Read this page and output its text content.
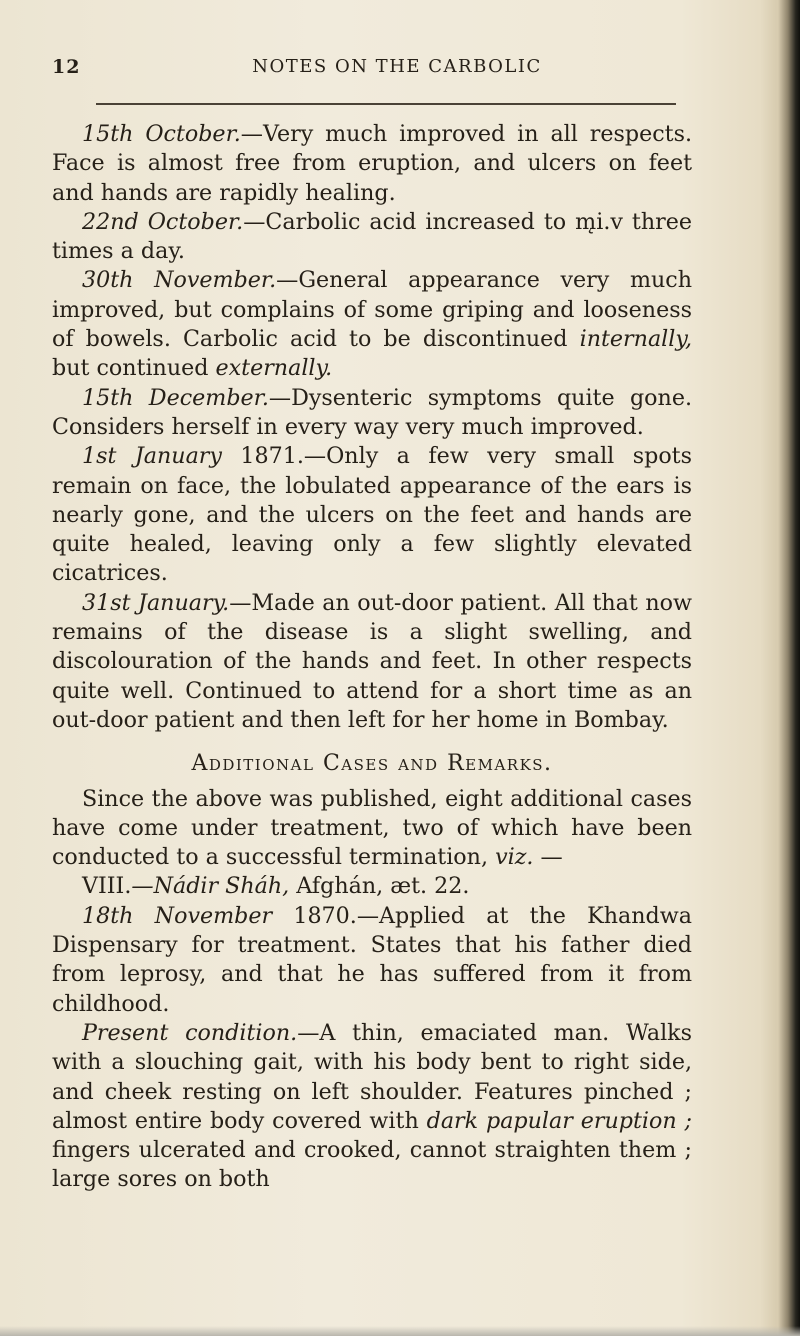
12	NOTES ON THE CARBOLIC

15th October.—Very much improved in all respects. Face is almost free from eruption, and ulcers on feet and hands are rapidly healing.

22nd October.—Carbolic acid increased to m̨i.v three times a day.

30th November.—General appearance very much improved, but complains of some griping and looseness of bowels. Carbolic acid to be discontinued internally, but continued externally.

15th December.—Dysenteric symptoms quite gone. Considers herself in every way very much improved.

1st January 1871.—Only a few very small spots remain on face, the lobulated appearance of the ears is nearly gone, and the ulcers on the feet and hands are quite healed, leaving only a few slightly elevated cicatrices.

31st January.—Made an out-door patient. All that now remains of the disease is a slight swelling, and discolouration of the hands and feet. In other respects quite well. Continued to attend for a short time as an out-door patient and then left for her home in Bombay.

Additional Cases and Remarks.

Since the above was published, eight additional cases have come under treatment, two of which have been conducted to a successful termination, viz. —

VIII.—Nádir Sháh, Afghán, æt. 22.

18th November 1870.—Applied at the Khandwa Dispensary for treatment. States that his father died from leprosy, and that he has suffered from it from childhood.

Present condition.—A thin, emaciated man. Walks with a slouching gait, with his body bent to right side, and cheek resting on left shoulder. Features pinched ; almost entire body covered with dark papular eruption ; fingers ulcerated and crooked, cannot straighten them ; large sores on both
